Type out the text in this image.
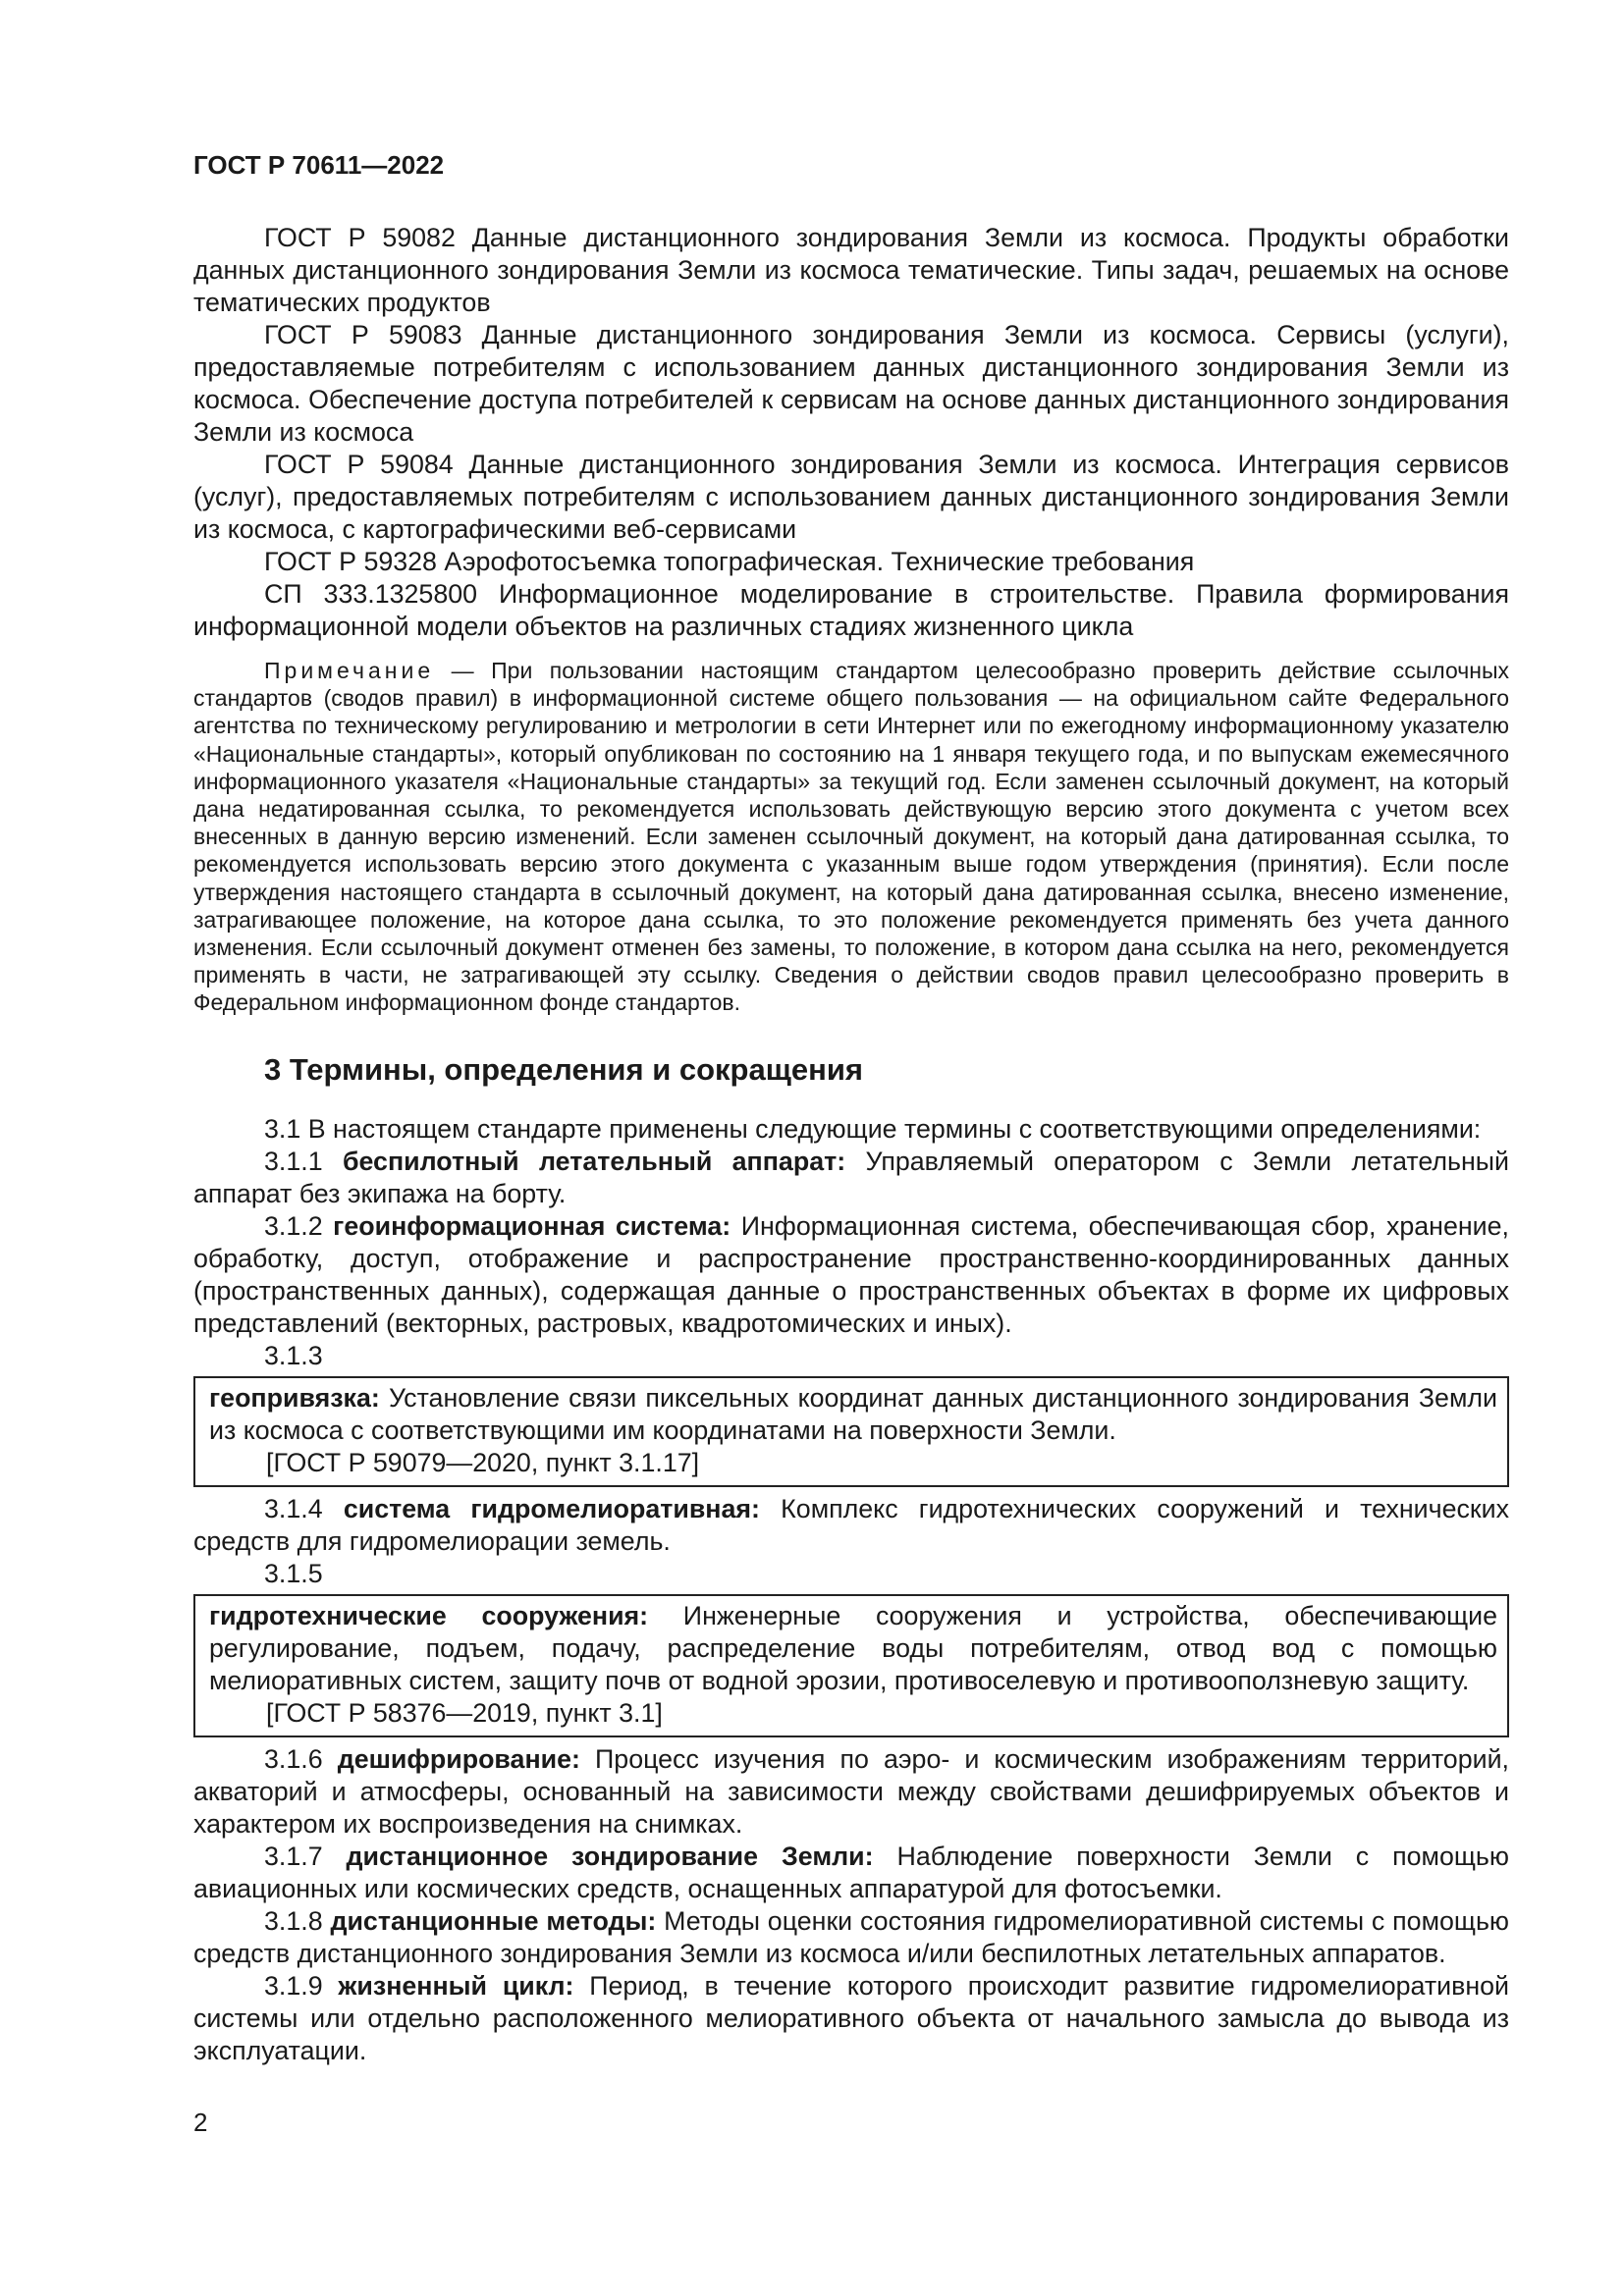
ГОСТ Р 70611—2022

ГОСТ Р 59082 Данные дистанционного зондирования Земли из космоса. Продукты обработки данных дистанционного зондирования Земли из космоса тематические. Типы задач, решаемых на основе тематических продуктов

ГОСТ Р 59083 Данные дистанционного зондирования Земли из космоса. Сервисы (услуги), предоставляемые потребителям с использованием данных дистанционного зондирования Земли из космоса. Обеспечение доступа потребителей к сервисам на основе данных дистанционного зондирования Земли из космоса

ГОСТ Р 59084 Данные дистанционного зондирования Земли из космоса. Интеграция сервисов (услуг), предоставляемых потребителям с использованием данных дистанционного зондирования Земли из космоса, с картографическими веб-сервисами

ГОСТ Р 59328 Аэрофотосъемка топографическая. Технические требования

СП 333.1325800 Информационное моделирование в строительстве. Правила формирования информационной модели объектов на различных стадиях жизненного цикла

Примечание — При пользовании настоящим стандартом целесообразно проверить действие ссылочных стандартов (сводов правил) в информационной системе общего пользования — на официальном сайте Федерального агентства по техническому регулированию и метрологии в сети Интернет или по ежегодному информационному указателю «Национальные стандарты», который опубликован по состоянию на 1 января текущего года, и по выпускам ежемесячного информационного указателя «Национальные стандарты» за текущий год. Если заменен ссылочный документ, на который дана недатированная ссылка, то рекомендуется использовать действующую версию этого документа с учетом всех внесенных в данную версию изменений. Если заменен ссылочный документ, на который дана датированная ссылка, то рекомендуется использовать версию этого документа с указанным выше годом утверждения (принятия). Если после утверждения настоящего стандарта в ссылочный документ, на который дана датированная ссылка, внесено изменение, затрагивающее положение, на которое дана ссылка, то это положение рекомендуется применять без учета данного изменения. Если ссылочный документ отменен без замены, то положение, в котором дана ссылка на него, рекомендуется применять в части, не затрагивающей эту ссылку. Сведения о действии сводов правил целесообразно проверить в Федеральном информационном фонде стандартов.
3 Термины, определения и сокращения

3.1 В настоящем стандарте применены следующие термины с соответствующими определениями:

3.1.1 беспилотный летательный аппарат: Управляемый оператором с Земли летательный аппарат без экипажа на борту.

3.1.2 геоинформационная система: Информационная система, обеспечивающая сбор, хранение, обработку, доступ, отображение и распространение пространственно-координированных данных (пространственных данных), содержащая данные о пространственных объектах в форме их цифровых представлений (векторных, растровых, квадротомических и иных).

3.1.3

геопривязка: Установление связи пиксельных координат данных дистанционного зондирования Земли из космоса с соответствующими им координатами на поверхности Земли.

[ГОСТ Р 59079—2020, пункт 3.1.17]

3.1.4 система гидромелиоративная: Комплекс гидротехнических сооружений и технических средств для гидромелиорации земель.

3.1.5

гидротехнические сооружения: Инженерные сооружения и устройства, обеспечивающие регулирование, подъем, подачу, распределение воды потребителям, отвод вод с помощью мелиоративных систем, защиту почв от водной эрозии, противоселевую и противооползневую защиту.

[ГОСТ Р 58376—2019, пункт 3.1]

3.1.6 дешифрирование: Процесс изучения по аэро- и космическим изображениям территорий, акваторий и атмосферы, основанный на зависимости между свойствами дешифрируемых объектов и характером их воспроизведения на снимках.

3.1.7 дистанционное зондирование Земли: Наблюдение поверхности Земли с помощью авиационных или космических средств, оснащенных аппаратурой для фотосъемки.

3.1.8 дистанционные методы: Методы оценки состояния гидромелиоративной системы с помощью средств дистанционного зондирования Земли из космоса и/или беспилотных летательных аппаратов.

3.1.9 жизненный цикл: Период, в течение которого происходит развитие гидромелиоративной системы или отдельно расположенного мелиоративного объекта от начального замысла до вывода из эксплуатации.

2
